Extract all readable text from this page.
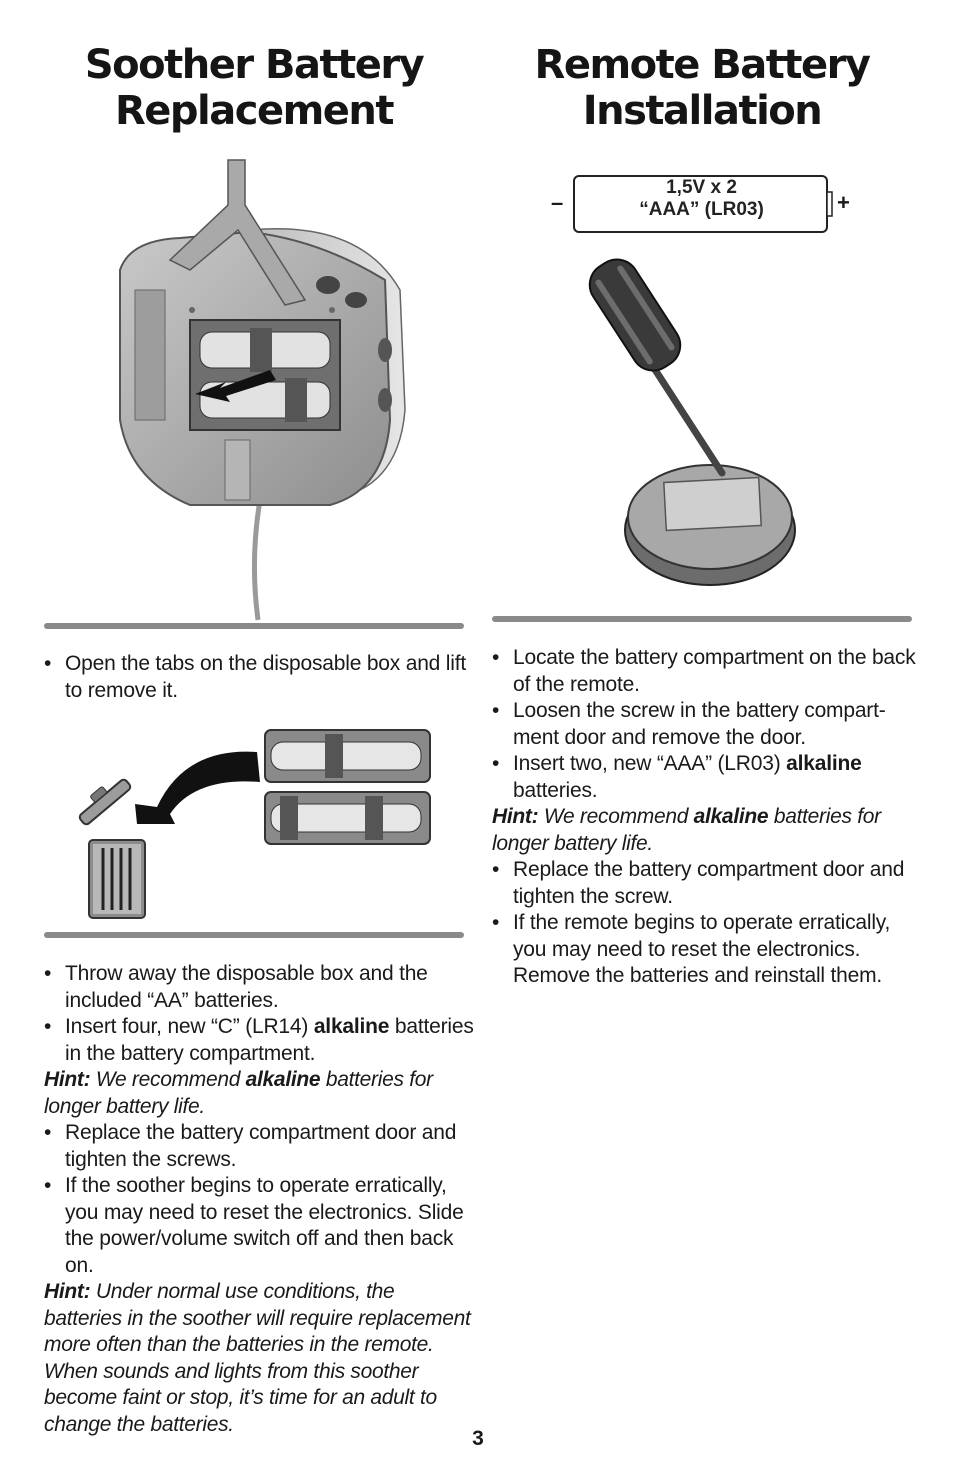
Soother Battery
Replacement
• Open the tabs on the disposable box and lift to remove it.
• Throw away the disposable box and the included “AA” batteries.
• Insert four, new “C” (LR14) alkaline batteries in the battery compartment.

Hint: We recommend alkaline batteries for longer battery life.

• Replace the battery compartment door and tighten the screws.
• If the soother begins to operate erratically, you may need to reset the electronics. Slide the power/volume switch off and then back on.

Hint: Under normal use conditions, the batteries in the soother will require replacement more often than the batteries in the remote. When sounds and lights from this soother become faint or stop, it’s time for an adult to change the batteries.

Remote Battery
Installation
–	+
1,5V x 2
“AAA” (LR03)
• Locate the battery compartment on the back of the remote.
• Loosen the screw in the battery compart-ment door and remove the door.
• Insert two, new “AAA” (LR03) alkaline batteries.

Hint: We recommend alkaline batteries for longer battery life.

• Replace the battery compartment door and tighten the screw.
• If the remote begins to operate erratically, you may need to reset the electronics. Remove the batteries and reinstall them.
3
